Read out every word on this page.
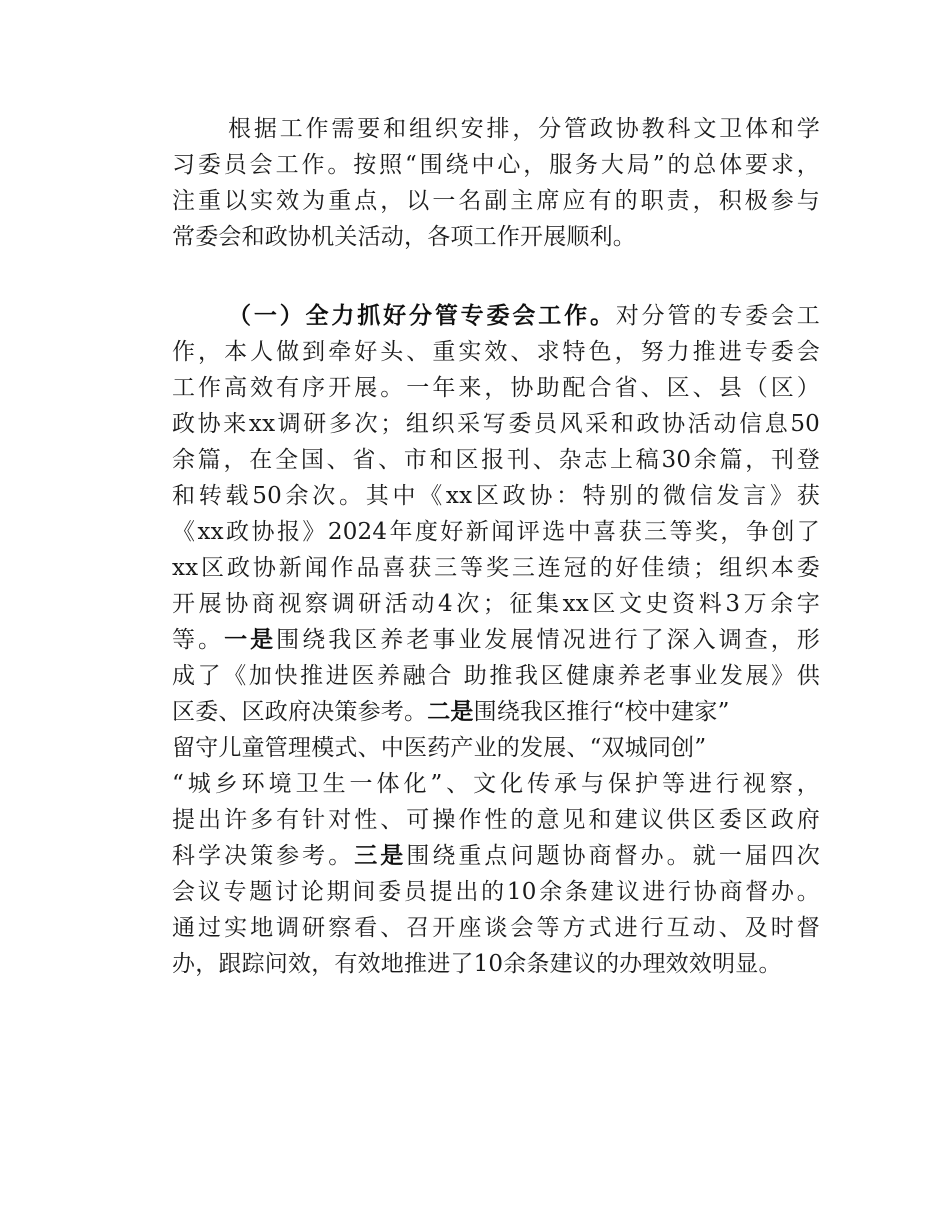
根据工作需要和组织安排，分管政协教科文卫体和学
习委员会工作。按照“围绕中心，服务大局”的总体要求，
注重以实效为重点，以一名副主席应有的职责，积极参与
常委会和政协机关活动，各项工作开展顺利。
（一）全力抓好分管专委会工作。对分管的专委会工
作，本人做到牵好头、重实效、求特色，努力推进专委会
工作高效有序开展。一年来，协助配合省、区、县（区）
政协来xx调研多次；组织采写委员风采和政协活动信息50
余篇，在全国、省、市和区报刊、杂志上稿30余篇，刊登
和转载50余次。其中《xx区政协：特别的微信发言》获
《xx政协报》2024年度好新闻评选中喜获三等奖，争创了
xx区政协新闻作品喜获三等奖三连冠的好佳绩；组织本委
开展协商视察调研活动4次；征集xx区文史资料3万余字
等。一是围绕我区养老事业发展情况进行了深入调查，形
成了《加快推进医养融合 助推我区健康养老事业发展》供
区委、区政府决策参考。二是围绕我区推行“校中建家”
留守儿童管理模式、中医药产业的发展、“双城同创”
“城乡环境卫生一体化”、文化传承与保护等进行视察，
提出许多有针对性、可操作性的意见和建议供区委区政府
科学决策参考。三是围绕重点问题协商督办。就一届四次
会议专题讨论期间委员提出的10余条建议进行协商督办。
通过实地调研察看、召开座谈会等方式进行互动、及时督
办，跟踪问效，有效地推进了10余条建议的办理效效明显。
